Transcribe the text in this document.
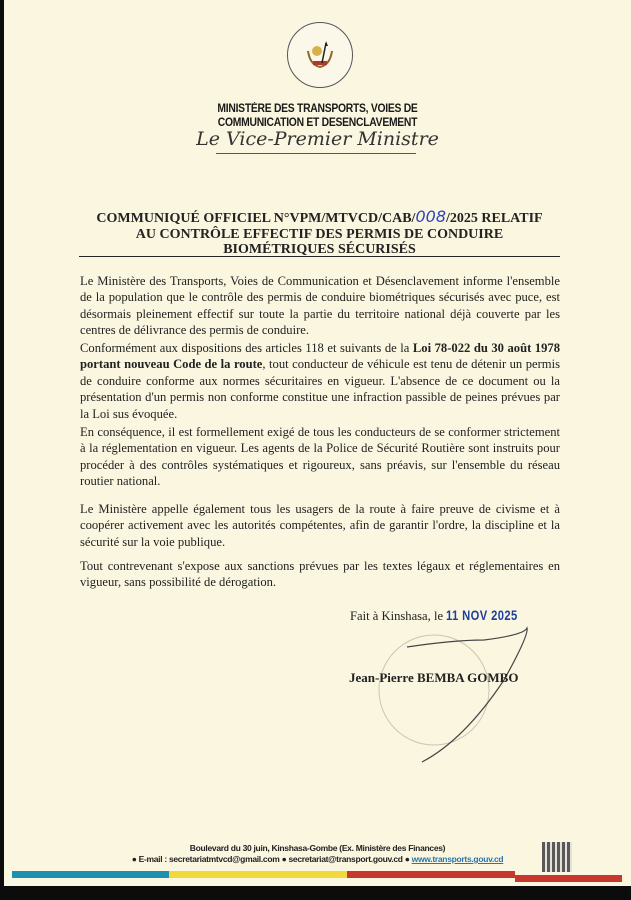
MINISTÈRE DES TRANSPORTS, VOIES DE
COMMUNICATION ET DESENCLAVEMENT
Le Vice-Premier Ministre
COMMUNIQUÉ OFFICIEL N°VPM/MTVCD/CAB/008/2025 RELATIF
AU CONTRÔLE EFFECTIF DES PERMIS DE CONDUIRE
BIOMÉTRIQUES SÉCURISÉS

Le Ministère des Transports, Voies de Communication et Désenclavement informe l'ensemble de la population que le contrôle des permis de conduire biométriques sécurisés avec puce, est désormais pleinement effectif sur toute la partie du territoire national déjà couverte par les centres de délivrance des permis de conduire.

Conformément aux dispositions des articles 118 et suivants de la Loi 78-022 du 30 août 1978 portant nouveau Code de la route, tout conducteur de véhicule est tenu de détenir un permis de conduire conforme aux normes sécuritaires en vigueur. L'absence de ce document ou la présentation d'un permis non conforme constitue une infraction passible de peines prévues par la Loi sus évoquée.

En conséquence, il est formellement exigé de tous les conducteurs de se conformer strictement à la réglementation en vigueur. Les agents de la Police de Sécurité Routière sont instruits pour procéder à des contrôles systématiques et rigoureux, sans préavis, sur l'ensemble du réseau routier national.

Le Ministère appelle également tous les usagers de la route à faire preuve de civisme et à coopérer activement avec les autorités compétentes, afin de garantir l'ordre, la discipline et la sécurité sur la voie publique.

Tout contrevenant s'expose aux sanctions prévues par les textes légaux et réglementaires en vigueur, sans possibilité de dérogation.

Fait à Kinshasa, le 11 NOV 2025
Jean-Pierre BEMBA GOMBO
Boulevard du 30 juin, Kinshasa-Gombe (Ex. Ministère des Finances)
● E-mail : secretariatmtvcd@gmail.com ● secretariat@transport.gouv.cd ● www.transports.gouv.cd
